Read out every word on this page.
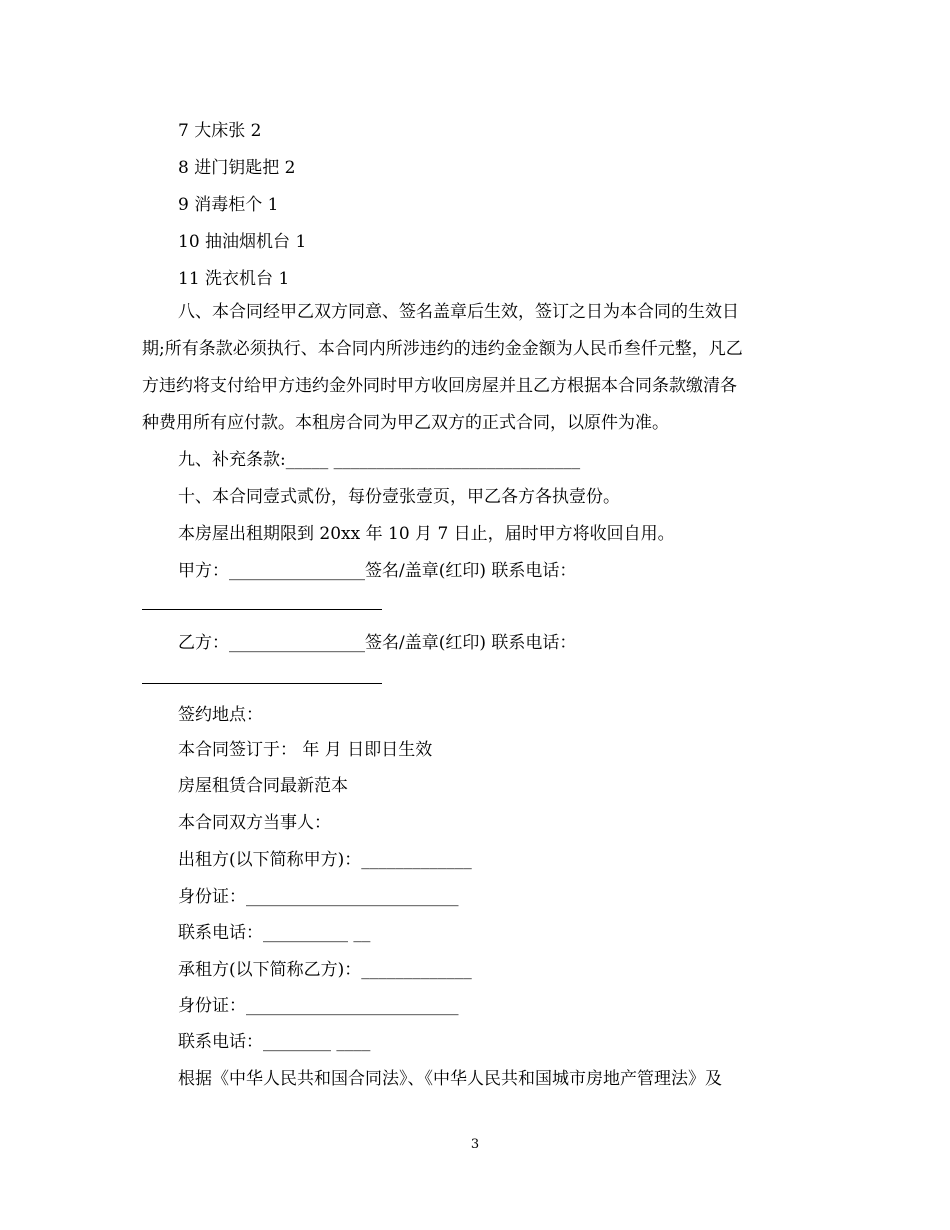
7 大床张 2
8 进门钥匙把 2
9 消毒柜个 1
10 抽油烟机台 1
11 洗衣机台 1
八、本合同经甲乙双方同意、签名盖章后生效，签订之日为本合同的生效日
期;所有条款必须执行、本合同内所涉违约的违约金金额为人民币叁仟元整，凡乙
方违约将支付给甲方违约金外同时甲方收回房屋并且乙方根据本合同条款缴清各
种费用所有应付款。本租房合同为甲乙双方的正式合同，以原件为准。
九、补充条款:_____ _____________________________
十、本合同壹式贰份，每份壹张壹页，甲乙各方各执壹份。
本房屋出租期限到 20xx 年 10 月 7 日止，届时甲方将收回自用。
甲方：________________签名/盖章(红印) 联系电话：
乙方：________________签名/盖章(红印) 联系电话：
签约地点：
本合同签订于： 年 月 日即日生效
房屋租赁合同最新范本
本合同双方当事人：
出租方(以下简称甲方)：_____________
身份证：_________________________
联系电话：__________ __
承租方(以下简称乙方)：_____________
身份证：_________________________
联系电话：________ ____
根据《中华人民共和国合同法》、《中华人民共和国城市房地产管理法》及
3
